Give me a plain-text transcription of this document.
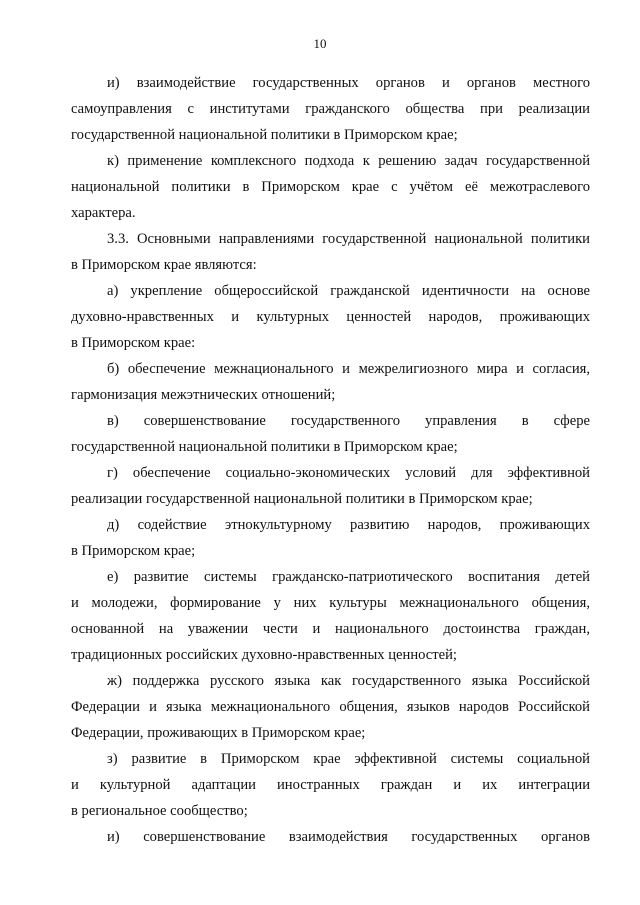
10
и) взаимодействие государственных органов и органов местного
самоуправления с институтами гражданского общества при реализации
государственной национальной политики в Приморском крае;
к) применение комплексного подхода к решению задач государственной
национальной политики в Приморском крае с учётом её межотраслевого
характера.
3.3. Основными направлениями государственной национальной политики
в Приморском крае являются:
а) укрепление общероссийской гражданской идентичности на основе
духовно-нравственных и культурных ценностей народов, проживающих
в Приморском крае:
б) обеспечение межнационального и межрелигиозного мира и согласия,
гармонизация межэтнических отношений;
в) совершенствование государственного управления в сфере
государственной национальной политики в Приморском крае;
г) обеспечение социально-экономических условий для эффективной
реализации государственной национальной политики в Приморском крае;
д) содействие этнокультурному развитию народов, проживающих
в Приморском крае;
е) развитие системы гражданско-патриотического воспитания детей
и молодежи, формирование у них культуры межнационального общения,
основанной на уважении чести и национального достоинства граждан,
традиционных российских духовно-нравственных ценностей;
ж) поддержка русского языка как государственного языка Российской
Федерации и языка межнационального общения, языков народов Российской
Федерации, проживающих в Приморском крае;
з) развитие в Приморском крае эффективной системы социальной
и культурной адаптации иностранных граждан и их интеграции
в региональное сообщество;
и) совершенствование взаимодействия государственных органов
